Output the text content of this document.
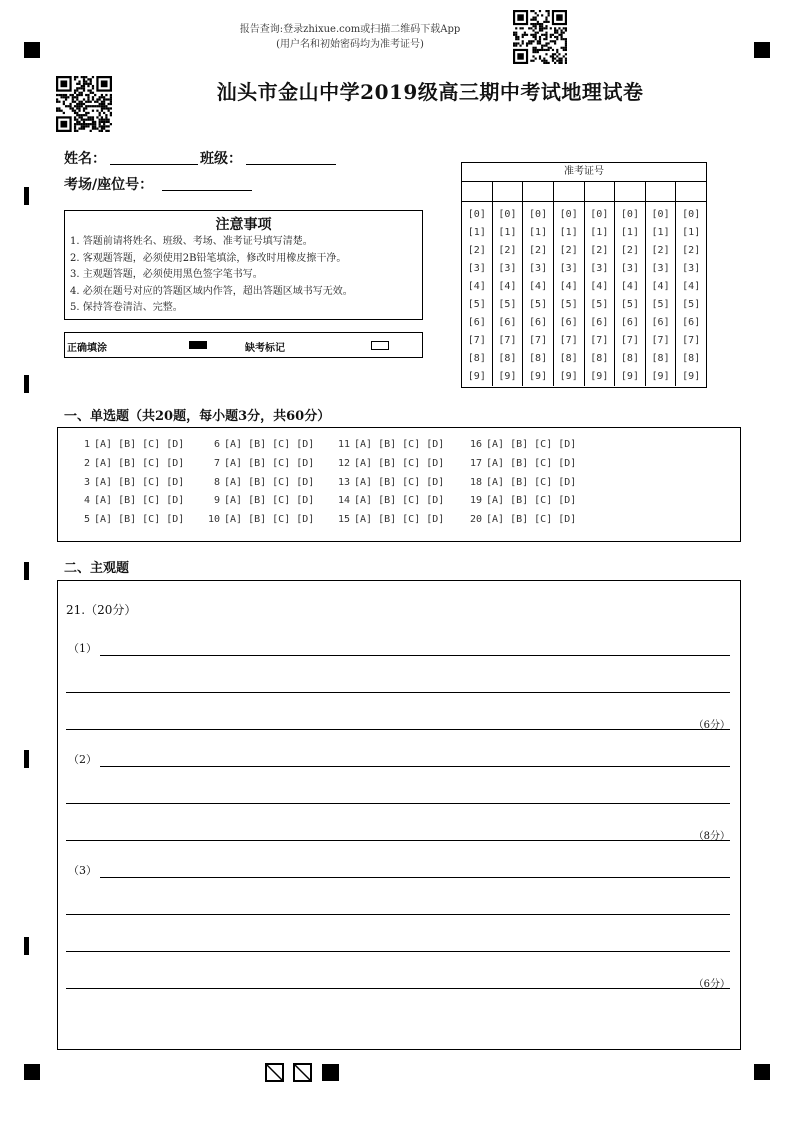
报告查询:登录zhixue.com或扫描二维码下载App
(用户名和初始密码均为准考证号)
汕头市金山中学2019级高三期中考试地理试卷
姓名：	班级：
考场/座位号：
注意事项
1. 答题前请将姓名、班级、考场、准考证号填写清楚。
2. 客观题答题，必须使用2B铅笔填涂，修改时用橡皮擦干净。
3. 主观题答题，必须使用黑色签字笔书写。
4. 必须在题号对应的答题区域内作答，超出答题区域书写无效。
5. 保持答卷清洁、完整。
正确填涂	缺考标记
准考证号
[0]
[1]
[2]
[3]
[4]
[5]
[6]
[7]
[8]
[9]
[0]
[1]
[2]
[3]
[4]
[5]
[6]
[7]
[8]
[9]
[0]
[1]
[2]
[3]
[4]
[5]
[6]
[7]
[8]
[9]
[0]
[1]
[2]
[3]
[4]
[5]
[6]
[7]
[8]
[9]
[0]
[1]
[2]
[3]
[4]
[5]
[6]
[7]
[8]
[9]
[0]
[1]
[2]
[3]
[4]
[5]
[6]
[7]
[8]
[9]
[0]
[1]
[2]
[3]
[4]
[5]
[6]
[7]
[8]
[9]
[0]
[1]
[2]
[3]
[4]
[5]
[6]
[7]
[8]
[9]
一、单选题（共20题，每小题3分，共60分）
1 [A] [B] [C] [D]
2 [A] [B] [C] [D]
3 [A] [B] [C] [D]
4 [A] [B] [C] [D]
5 [A] [B] [C] [D]
6 [A] [B] [C] [D]
7 [A] [B] [C] [D]
8 [A] [B] [C] [D]
9 [A] [B] [C] [D]
10 [A] [B] [C] [D]
11 [A] [B] [C] [D]
12 [A] [B] [C] [D]
13 [A] [B] [C] [D]
14 [A] [B] [C] [D]
15 [A] [B] [C] [D]
16 [A] [B] [C] [D]
17 [A] [B] [C] [D]
18 [A] [B] [C] [D]
19 [A] [B] [C] [D]
20 [A] [B] [C] [D]
二、主观题
21.（20分）
（1）
（6分）
（2）
（8分）
（3）
（6分）
